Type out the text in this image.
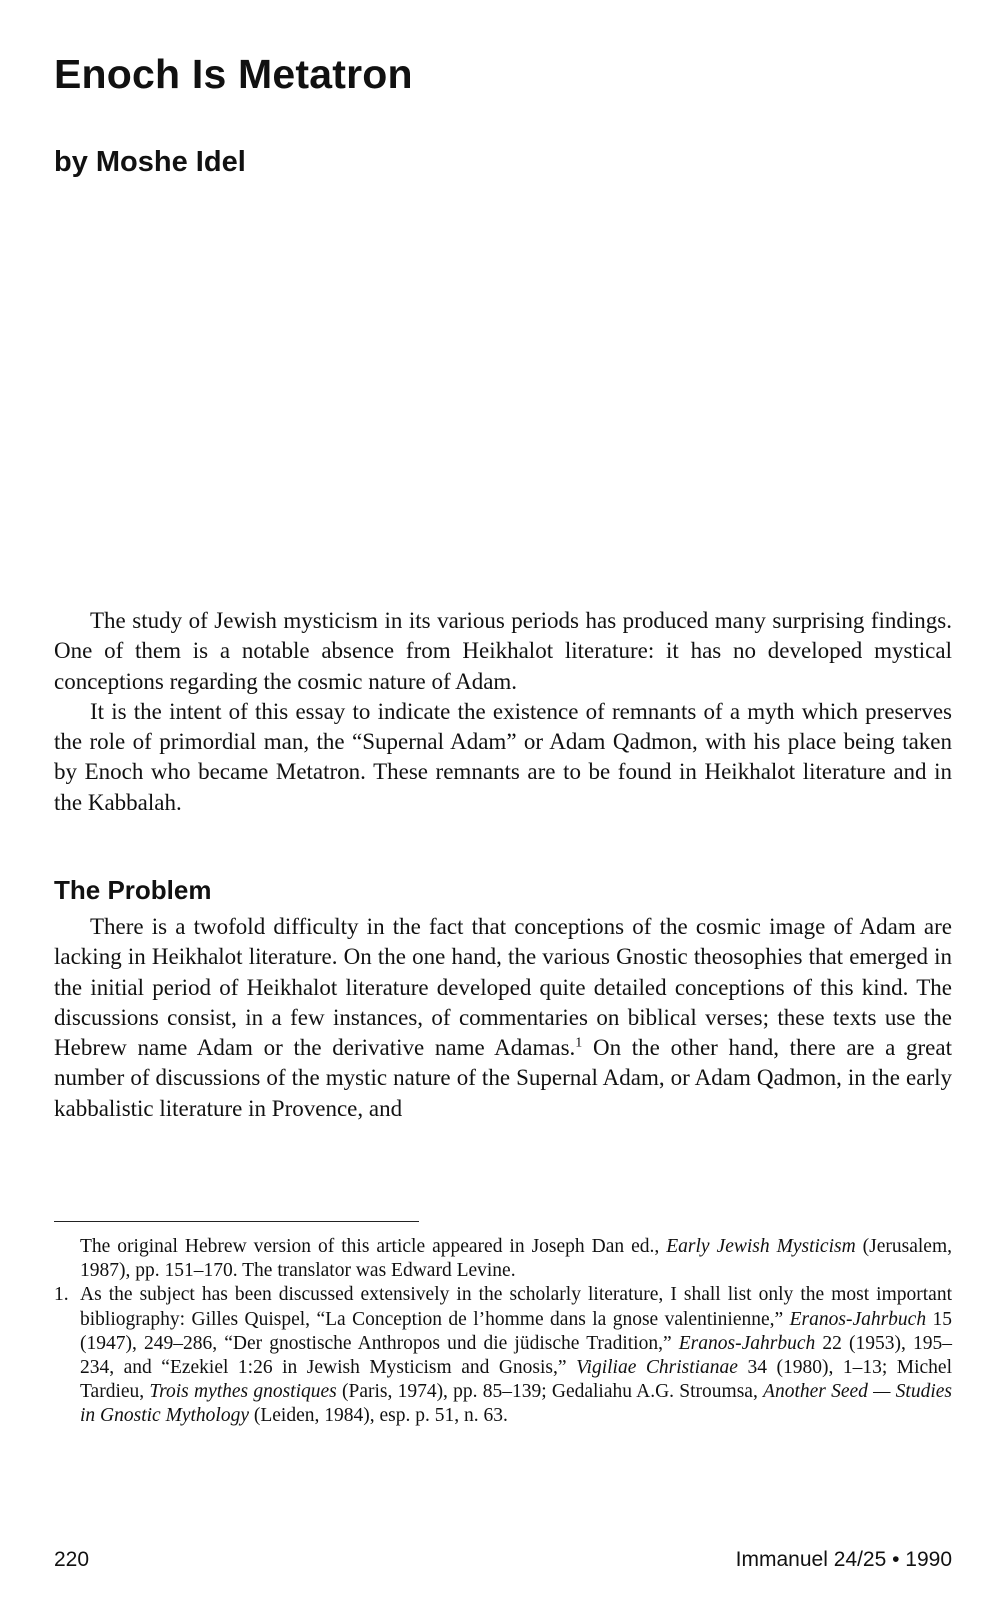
Enoch Is Metatron
by Moshe Idel

The study of Jewish mysticism in its various periods has produced many surprising findings. One of them is a notable absence from Heikhalot literature: it has no developed mystical conceptions regarding the cosmic nature of Adam.

It is the intent of this essay to indicate the existence of remnants of a myth which preserves the role of primordial man, the “Supernal Adam” or Adam Qadmon, with his place being taken by Enoch who became Metatron. These remnants are to be found in Heikhalot literature and in the Kabbalah.

The Problem

There is a twofold difficulty in the fact that conceptions of the cosmic image of Adam are lacking in Heikhalot literature. On the one hand, the various Gnostic theosophies that emerged in the initial period of Heikhalot literature developed quite detailed conceptions of this kind. The discussions consist, in a few instances, of commentaries on biblical verses; these texts use the Hebrew name Adam or the derivative name Adamas.$^1$ On the other hand, there are a great number of discussions of the mystic nature of the Supernal Adam, or Adam Qadmon, in the early kabbalistic literature in Provence, and

The original Hebrew version of this article appeared in Joseph Dan ed., Early Jewish Mysticism (Jerusalem, 1987), pp. 151–170. The translator was Edward Levine.

1. As the subject has been discussed extensively in the scholarly literature, I shall list only the most important bibliography: Gilles Quispel, “La Conception de l’homme dans la gnose valentinienne,” Eranos-Jahrbuch 15 (1947), 249–286, “Der gnostische Anthropos und die jüdische Tradition,” Eranos-Jahrbuch 22 (1953), 195–234, and “Ezekiel 1:26 in Jewish Mysticism and Gnosis,” Vigiliae Christianae 34 (1980), 1–13; Michel Tardieu, Trois mythes gnostiques (Paris, 1974), pp. 85–139; Gedaliahu A.G. Stroumsa, Another Seed — Studies in Gnostic Mythology (Leiden, 1984), esp. p. 51, n. 63.

220	Immanuel 24/25 • 1990
